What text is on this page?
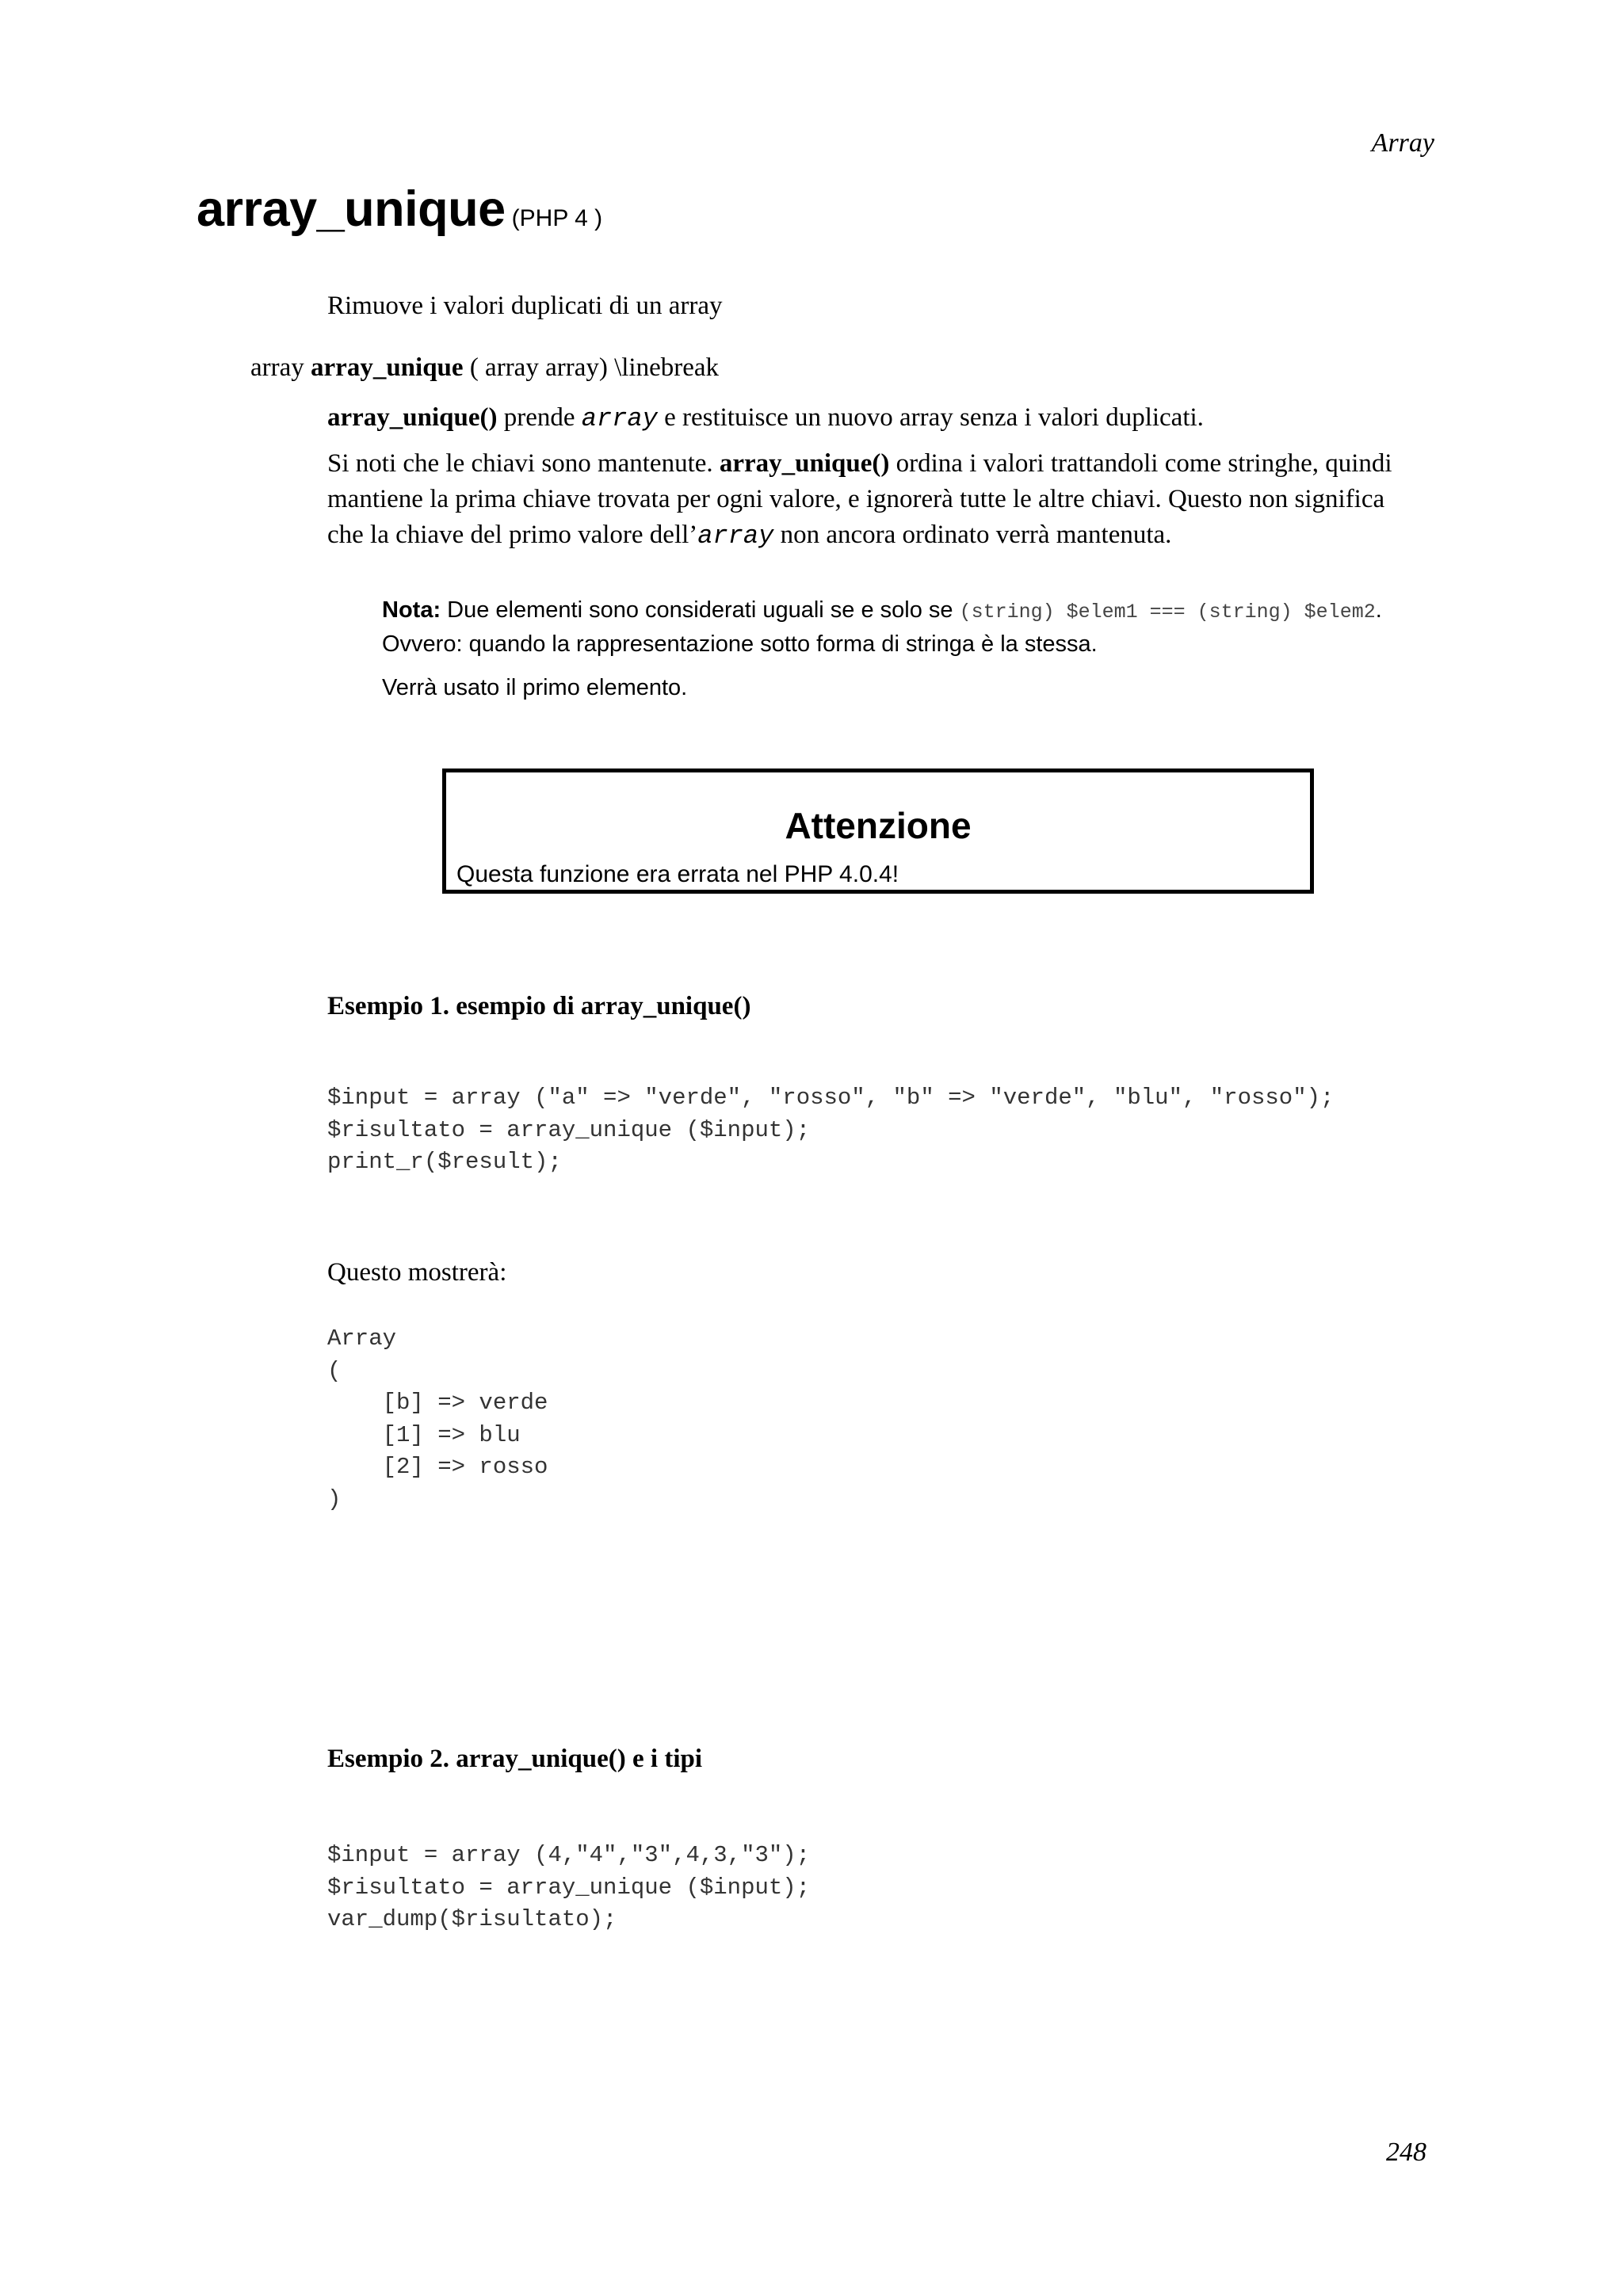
Array
array_unique (PHP 4 )
Rimuove i valori duplicati di un array
array array_unique ( array array) \linebreak

array_unique() prende array e restituisce un nuovo array senza i valori duplicati.

Si noti che le chiavi sono mantenute. array_unique() ordina i valori trattandoli come stringhe, quindi mantiene la prima chiave trovata per ogni valore, e ignorerà tutte le altre chiavi. Questo non significa che la chiave del primo valore dell’array non ancora ordinato verrà mantenuta.

Nota: Due elementi sono considerati uguali se e solo se (string) $elem1 === (string) $elem2. Ovvero: quando la rappresentazione sotto forma di stringa è la stessa.

Verrà usato il primo elemento.

Attenzione
Questa funzione era errata nel PHP 4.0.4!
Esempio 1. esempio di array_unique()
$input = array ("a" => "verde", "rosso", "b" => "verde", "blu", "rosso");
$risultato = array_unique ($input);
print_r($result);
Questo mostrerà:
Array
(
[b] => verde
[1] => blu
[2] => rosso
)
Esempio 2. array_unique() e i tipi
$input = array (4,"4","3",4,3,"3");
$risultato = array_unique ($input);
var_dump($risultato);
248
